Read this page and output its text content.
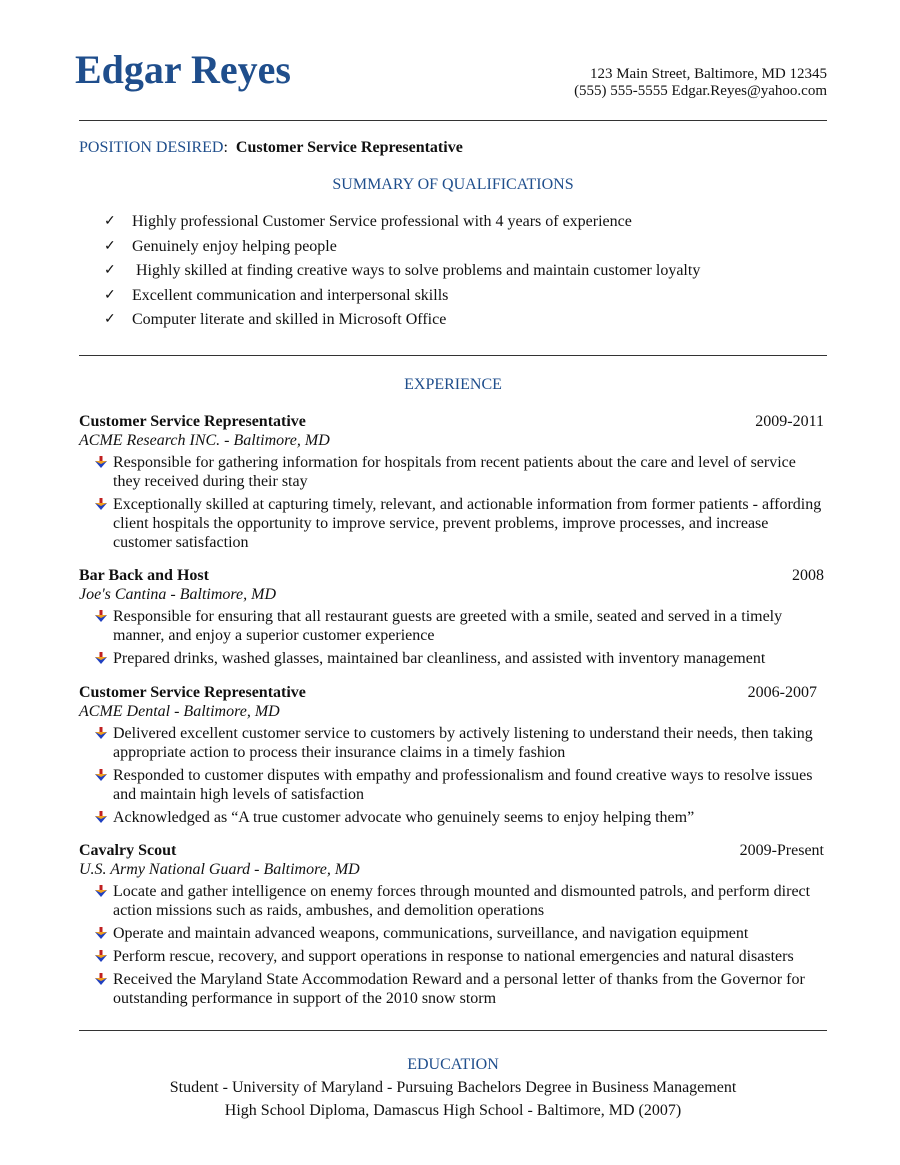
Edgar Reyes	123 Main Street, Baltimore, MD 12345
(555) 555-5555 Edgar.Reyes@yahoo.com
POSITION DESIRED: Customer Service Representative
SUMMARY OF QUALIFICATIONS
✓	Highly professional Customer Service professional with 4 years of experience
✓	Genuinely enjoy helping people
✓	Highly skilled at finding creative ways to solve problems and maintain customer loyalty
✓	Excellent communication and interpersonal skills
✓	Computer literate and skilled in Microsoft Office
EXPERIENCE
Customer Service Representative	2009-2011
ACME Research INC. - Baltimore, MD
Responsible for gathering information for hospitals from recent patients about the care and level of service they received during their stay
Exceptionally skilled at capturing timely, relevant, and actionable information from former patients - affording client hospitals the opportunity to improve service, prevent problems, improve processes, and increase customer satisfaction
Bar Back and Host	2008
Joe's Cantina - Baltimore, MD
Responsible for ensuring that all restaurant guests are greeted with a smile, seated and served in a timely manner, and enjoy a superior customer experience
Prepared drinks, washed glasses, maintained bar cleanliness, and assisted with inventory management
Customer Service Representative	2006-2007
ACME Dental - Baltimore, MD
Delivered excellent customer service to customers by actively listening to understand their needs, then taking appropriate action to process their insurance claims in a timely fashion
Responded to customer disputes with empathy and professionalism and found creative ways to resolve issues and maintain high levels of satisfaction
Acknowledged as “A true customer advocate who genuinely seems to enjoy helping them”
Cavalry Scout	2009-Present
U.S. Army National Guard - Baltimore, MD
Locate and gather intelligence on enemy forces through mounted and dismounted patrols, and perform direct action missions such as raids, ambushes, and demolition operations
Operate and maintain advanced weapons, communications, surveillance, and navigation equipment
Perform rescue, recovery, and support operations in response to national emergencies and natural disasters
Received the Maryland State Accommodation Reward and a personal letter of thanks from the Governor for outstanding performance in support of the 2010 snow storm
EDUCATION
Student - University of Maryland - Pursuing Bachelors Degree in Business Management
High School Diploma, Damascus High School - Baltimore, MD (2007)
